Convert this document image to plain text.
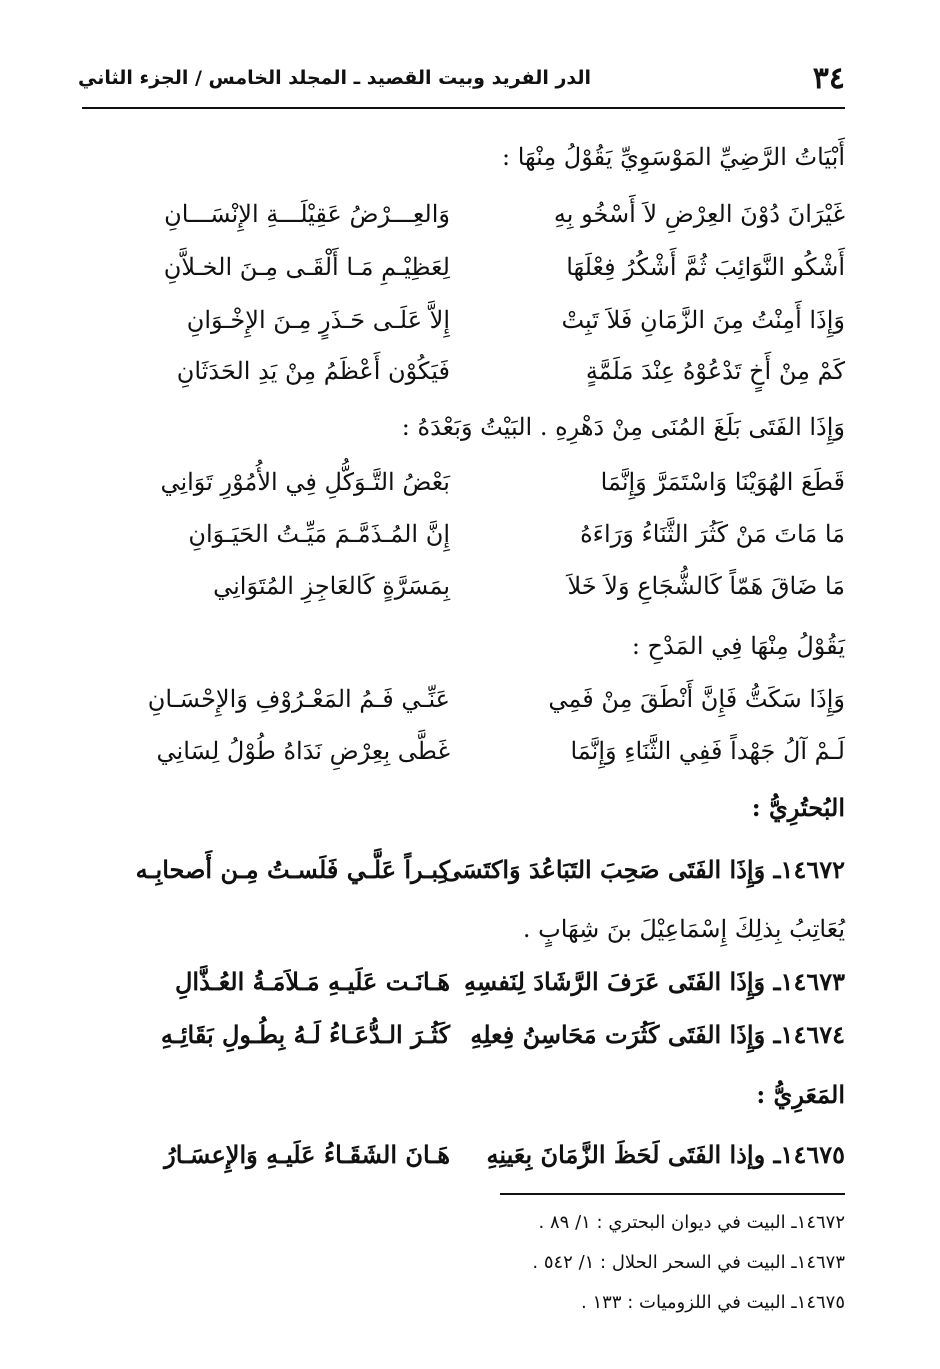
٣٤
الدر الفريد وبيت القصيد ـ المجلد الخامس / الجزء الثاني
أَبْيَاتُ الرَّضِيِّ المَوْسَوِيِّ يَقُوْلُ مِنْهَا :
غَيْرَانَ دُوْنَ العِرْضِ لاَ أَسْخُو بِهِ
وَالعِـــرْضُ عَقِيْلَـــةِ الإِنْسَـــانِ
أَشْكُو النَّوَائِبَ ثُمَّ أَشْكُرُ فِعْلَهَا
لِعَظِيْـمِ مَـا أَلْقَـى مِـنَ الخـلاَّنِ
وَإِذَا أَمِنْتُ مِنَ الزَّمَانِ فَلاَ تَبِتْ
إِلاَّ عَلَـى حَـذَرٍ مِـنَ الإِخْـوَانِ
كَمْ مِنْ أَخٍ تَدْعُوْهُ عِنْدَ مَلَمَّةٍ
فَيَكُوْن أَعْظَمُ مِنْ يَدِ الحَدَثَانِ
وَإِذَا الفَتَى بَلَغَ المُنَى مِنْ دَهْرِهِ . البَيْتُ وَبَعْدَهُ :
قَطَعَ الهُوَيْنَا وَاسْتَمَرَّ وَإِنَّمَا
بَعْضُ التَّـوَكُّلِ فِي الأُمُوْرِ تَوَانِي
مَا مَاتَ مَنْ كَثُرَ الثَّنَاءُ وَرَاءَهُ
إِنَّ المُـذَمَّـمَ مَيِّـتُ الحَيَـوَانِ
مَا ضَاقَ هَمّاً كَالشُّجَاعِ وَلاَ خَلاَ
بِمَسَرَّةٍ كَالعَاجِزِ المُتَوَانِي
يَقُوْلُ مِنْهَا فِي المَدْحِ :
وَإِذَا سَكَتُّ فَإِنَّ أَنْطَقَ مِنْ فَمِي
عَنِّـي فَـمُ المَعْـرُوْفِ وَالإِحْسَـانِ
لَـمْ آلُ جَهْداً فَفِي الثَّنَاءِ وَإِنَّمَا
غَطَّى بِعِرْضِ نَدَاهُ طُوْلُ لِسَانِي
البُحتُرِيُّ :
١٤٦٧٢ـ وَإِذَا الفَتَى صَحِبَ التَبَاعُدَ وَاكتَسَى
كِبـراً عَلَّـي فَلَسـتُ مِـن أَصحابِـه
يُعَاتِبُ بِذلِكَ إِسْمَاعِيْلَ بنَ شِهَابٍ .
١٤٦٧٣ـ وَإِذَا الفَتَى عَرَفَ الرَّشَادَ لِنَفسِهِ
هَـانَـت عَلَيـهِ مَـلاَمَـةُ العُـذَّالِ
١٤٦٧٤ـ وَإِذَا الفَتَى كَثُرَت مَحَاسِنُ فِعلِهِ
كَثُـرَ الـدُّعَـاءُ لَـهُ بِطُـولِ بَقَائِـهِ
المَعَرِيُّ :
١٤٦٧٥ـ وإذا الفَتَى لَحَظَ الزَّمَانَ بِعَينِهِ
هَـانَ الشَقَـاءُ عَلَيـهِ وَالإِعسَـارُ
١٤٦٧٢ـ البيت في ديوان البحتري : ١/ ٨٩ .
١٤٦٧٣ـ البيت في السحر الحلال : ١/ ٥٤٢ .
١٤٦٧٥ـ البيت في اللزوميات : ١٣٣ .
